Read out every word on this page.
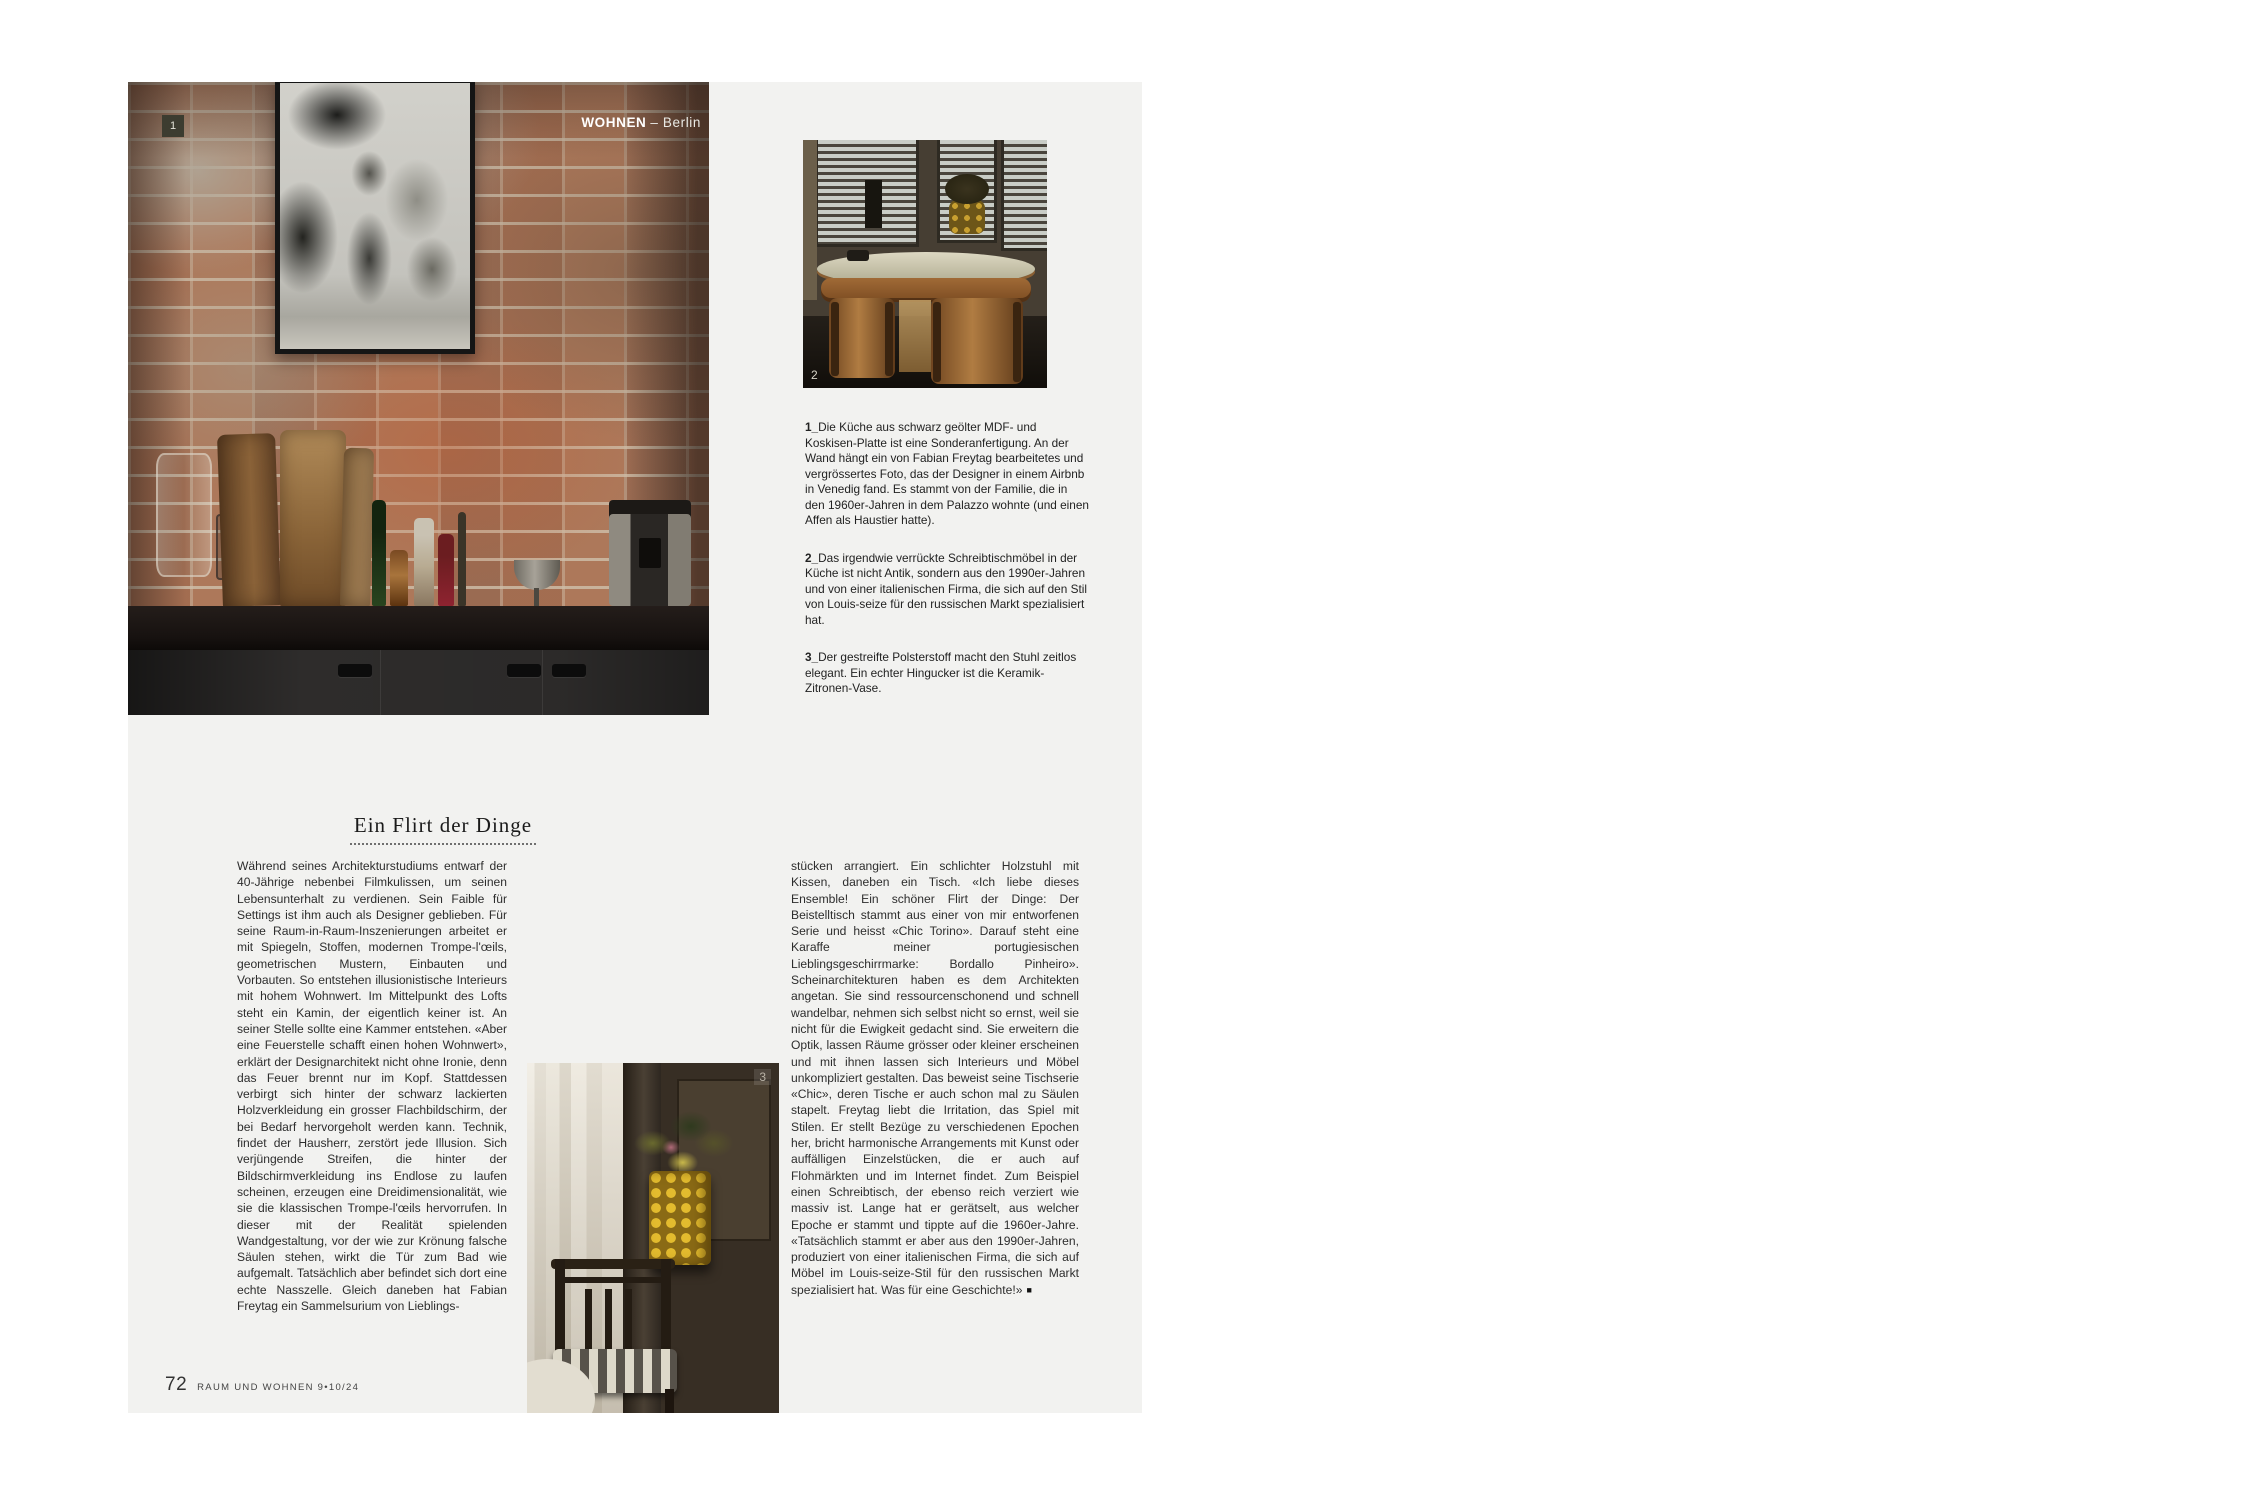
1	WOHNEN – Berlin
2

1_Die Küche aus schwarz geölter MDF- und Koskisen-Platte ist eine Sonderanfertigung. An der Wand hängt ein von Fabian Freytag bearbeitetes und vergrössertes Foto, das der Designer in einem Airbnb in Venedig fand. Es stammt von der Familie, die in den 1960er-Jahren in dem Palazzo wohnte (und einen Affen als Haustier hatte).

2_Das irgendwie verrückte Schreibtischmöbel in der Küche ist nicht Antik, sondern aus den 1990er-Jahren und von einer italienischen Firma, die sich auf den Stil von Louis-seize für den russischen Markt spezialisiert hat.

3_Der gestreifte Polsterstoff macht den Stuhl zeitlos elegant. Ein echter Hingucker ist die Keramik-Zitronen-Vase.

Ein Flirt der Dinge
Während seines Architekturstudiums entwarf der 40-Jährige nebenbei Filmkulissen, um seinen Lebensunterhalt zu verdienen. Sein Faible für Settings ist ihm auch als Designer geblieben. Für seine Raum-in-Raum-Inszenierungen arbeitet er mit Spiegeln, Stoffen, modernen Trompe-l'œils, geometrischen Mustern, Einbauten und Vorbauten. So entstehen illusionistische Interieurs mit hohem Wohnwert. Im Mittelpunkt des Lofts steht ein Kamin, der eigentlich keiner ist. An seiner Stelle sollte eine Kammer entstehen. «Aber eine Feuerstelle schafft einen hohen Wohnwert», erklärt der Designarchitekt nicht ohne Ironie, denn das Feuer brennt nur im Kopf. Stattdessen verbirgt sich hinter der schwarz lackierten Holzverkleidung ein grosser Flachbildschirm, der bei Bedarf hervorgeholt werden kann. Technik, findet der Hausherr, zerstört jede Illusion. Sich verjüngende Streifen, die hinter der Bildschirmverkleidung ins Endlose zu laufen scheinen, erzeugen eine Dreidimensionalität, wie sie die klassischen Trompe-l'œils hervorrufen. In dieser mit der Realität spielenden Wandgestaltung, vor der wie zur Krönung falsche Säulen stehen, wirkt die Tür zum Bad wie aufgemalt. Tatsächlich aber befindet sich dort eine echte Nasszelle. Gleich daneben hat Fabian Freytag ein Sammelsurium von Lieblings-
stücken arrangiert. Ein schlichter Holzstuhl mit Kissen, daneben ein Tisch. «Ich liebe dieses Ensemble! Ein schöner Flirt der Dinge: Der Beistelltisch stammt aus einer von mir entworfenen Serie und heisst «Chic Torino». Darauf steht eine Karaffe meiner portugiesischen Lieblingsgeschirrmarke: Bordallo Pinheiro». Scheinarchitekturen haben es dem Architekten angetan. Sie sind ressourcenschonend und schnell wandelbar, nehmen sich selbst nicht so ernst, weil sie nicht für die Ewigkeit gedacht sind. Sie erweitern die Optik, lassen Räume grösser oder kleiner erscheinen und mit ihnen lassen sich Interieurs und Möbel unkompliziert gestalten. Das beweist seine Tischserie «Chic», deren Tische er auch schon mal zu Säulen stapelt. Freytag liebt die Irritation, das Spiel mit Stilen. Er stellt Bezüge zu verschiedenen Epochen her, bricht harmonische Arrangements mit Kunst oder auffälligen Einzelstücken, die er auch auf Flohmärkten und im Internet findet. Zum Beispiel einen Schreibtisch, der ebenso reich verziert wie massiv ist. Lange hat er gerätselt, aus welcher Epoche er stammt und tippte auf die 1960er-Jahre. «Tatsächlich stammt er aber aus den 1990er-Jahren, produziert von einer italienischen Firma, die sich auf Möbel im Louis-seize-Stil für den russischen Markt spezialisiert hat. Was für eine Geschichte!» ■
3
72 RAUM UND WOHNEN 9•10/24
